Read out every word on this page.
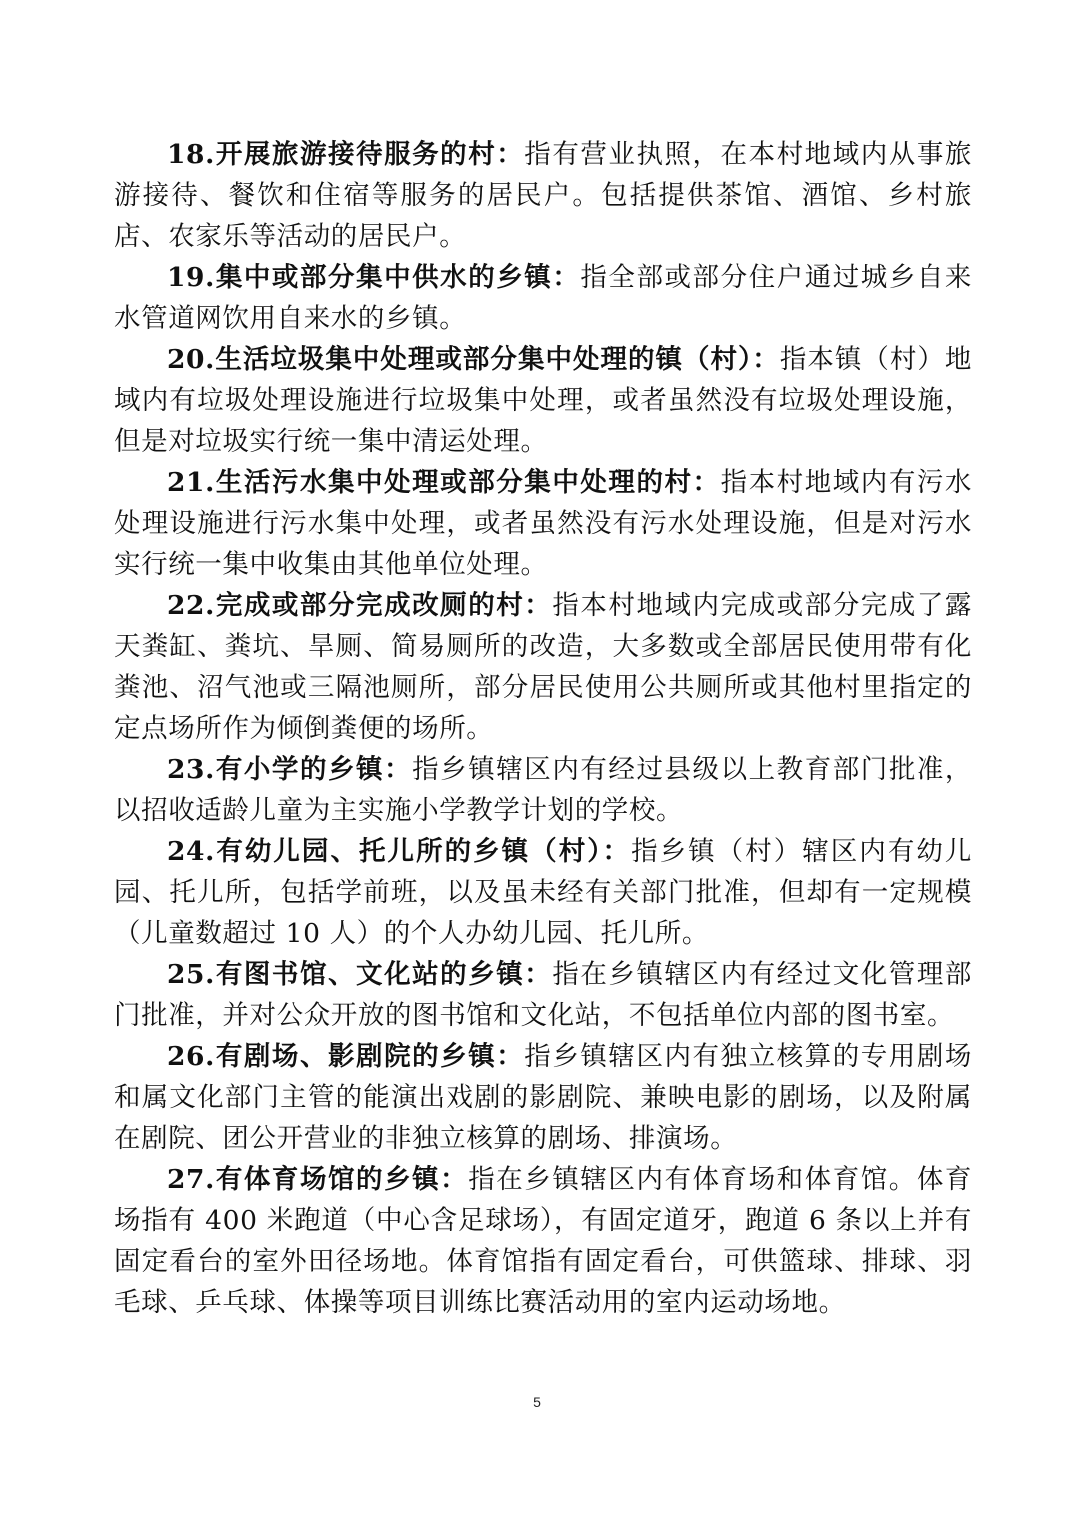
18.开展旅游接待服务的村：指有营业执照，在本村地域内从事旅游接待、餐饮和住宿等服务的居民户。包括提供茶馆、酒馆、乡村旅店、农家乐等活动的居民户。

19.集中或部分集中供水的乡镇：指全部或部分住户通过城乡自来水管道网饮用自来水的乡镇。

20.生活垃圾集中处理或部分集中处理的镇（村）：指本镇（村）地域内有垃圾处理设施进行垃圾集中处理，或者虽然没有垃圾处理设施，但是对垃圾实行统一集中清运处理。

21.生活污水集中处理或部分集中处理的村：指本村地域内有污水处理设施进行污水集中处理，或者虽然没有污水处理设施，但是对污水实行统一集中收集由其他单位处理。

22.完成或部分完成改厕的村：指本村地域内完成或部分完成了露天粪缸、粪坑、旱厕、简易厕所的改造，大多数或全部居民使用带有化粪池、沼气池或三隔池厕所，部分居民使用公共厕所或其他村里指定的定点场所作为倾倒粪便的场所。

23.有小学的乡镇：指乡镇辖区内有经过县级以上教育部门批准，以招收适龄儿童为主实施小学教学计划的学校。

24.有幼儿园、托儿所的乡镇（村）：指乡镇（村）辖区内有幼儿园、托儿所，包括学前班，以及虽未经有关部门批准，但却有一定规模（儿童数超过 10 人）的个人办幼儿园、托儿所。

25.有图书馆、文化站的乡镇：指在乡镇辖区内有经过文化管理部门批准，并对公众开放的图书馆和文化站，不包括单位内部的图书室。

26.有剧场、影剧院的乡镇：指乡镇辖区内有独立核算的专用剧场和属文化部门主管的能演出戏剧的影剧院、兼映电影的剧场，以及附属在剧院、团公开营业的非独立核算的剧场、排演场。

27.有体育场馆的乡镇：指在乡镇辖区内有体育场和体育馆。体育场指有 400 米跑道（中心含足球场），有固定道牙，跑道 6 条以上并有固定看台的室外田径场地。体育馆指有固定看台，可供篮球、排球、羽毛球、乒乓球、体操等项目训练比赛活动用的室内运动场地。

5
